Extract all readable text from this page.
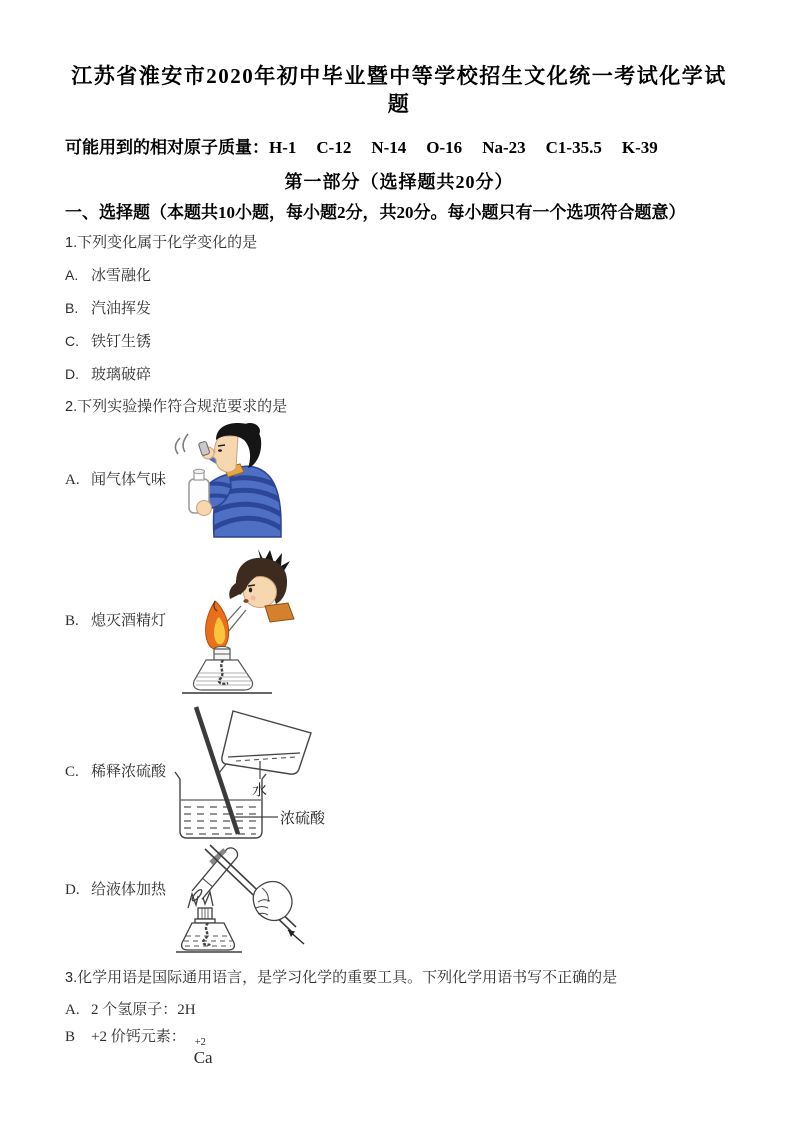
江苏省淮安市2020年初中毕业暨中等学校招生文化统一考试化学试题
可能用到的相对原子质量：H-1 C-12 N-14 O-16 Na-23 C1-35.5 K-39
第一部分（选择题共20分）
一、选择题（本题共10小题，每小题2分，共20分。每小题只有一个选项符合题意）
1.下列变化属于化学变化的是
A. 冰雪融化
B. 汽油挥发
C. 铁钉生锈
D. 玻璃破碎
2.下列实验操作符合规范要求的是
A. 闻气体气味
B. 熄灭酒精灯
C. 稀释浓硫酸
水
浓硫酸
D. 给液体加热
3.化学用语是国际通用语言，是学习化学的重要工具。下列化学用语书写不正确的是
A. 2 个氢原子：2H
B +2 价钙元素： +2
Ca
